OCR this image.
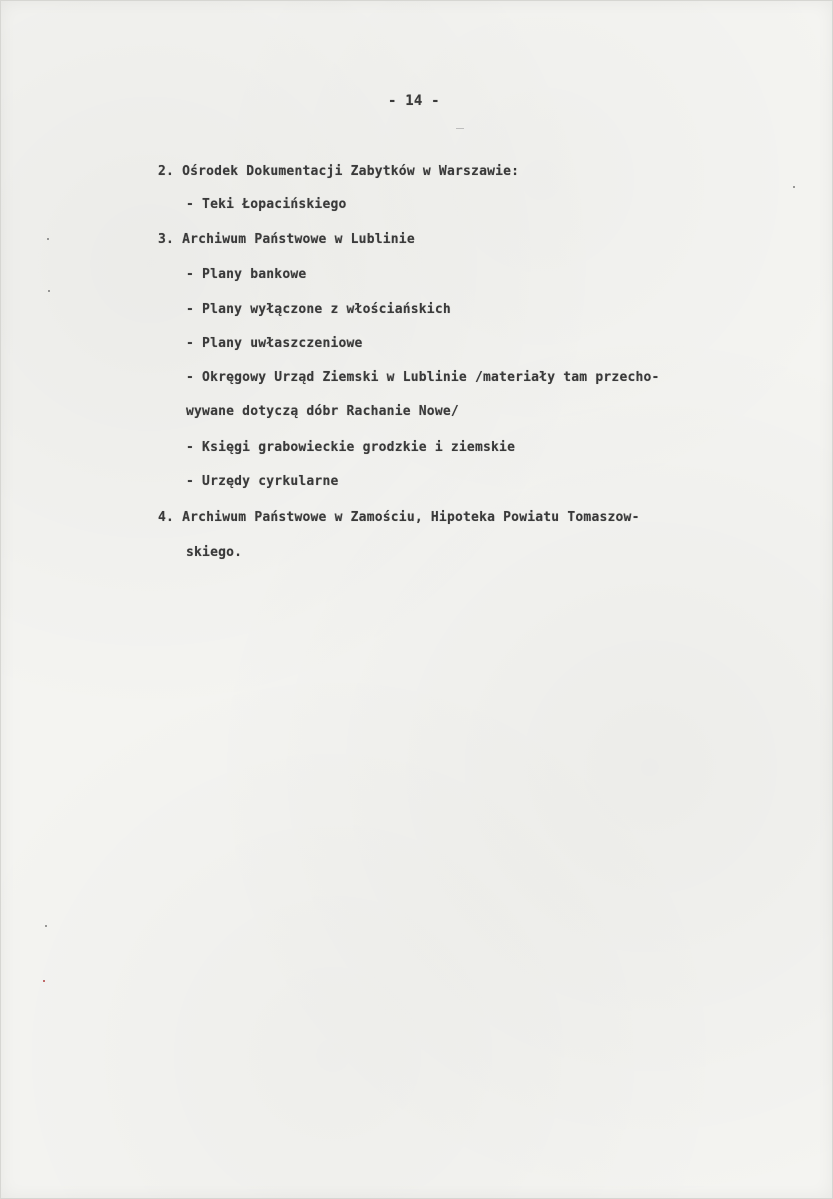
- 14 -
2. Ośrodek Dokumentacji Zabytków w Warszawie:
- Teki Łopacińskiego
3. Archiwum Państwowe w Lublinie
- Plany bankowe
- Plany wyłączone z włościańskich
- Plany uwłaszczeniowe
- Okręgowy Urząd Ziemski w Lublinie /materiały tam przecho-
wywane dotyczą dóbr Rachanie Nowe/
- Księgi grabowieckie grodzkie i ziemskie
- Urzędy cyrkularne
4. Archiwum Państwowe w Zamościu, Hipoteka Powiatu Tomaszow-
skiego.
